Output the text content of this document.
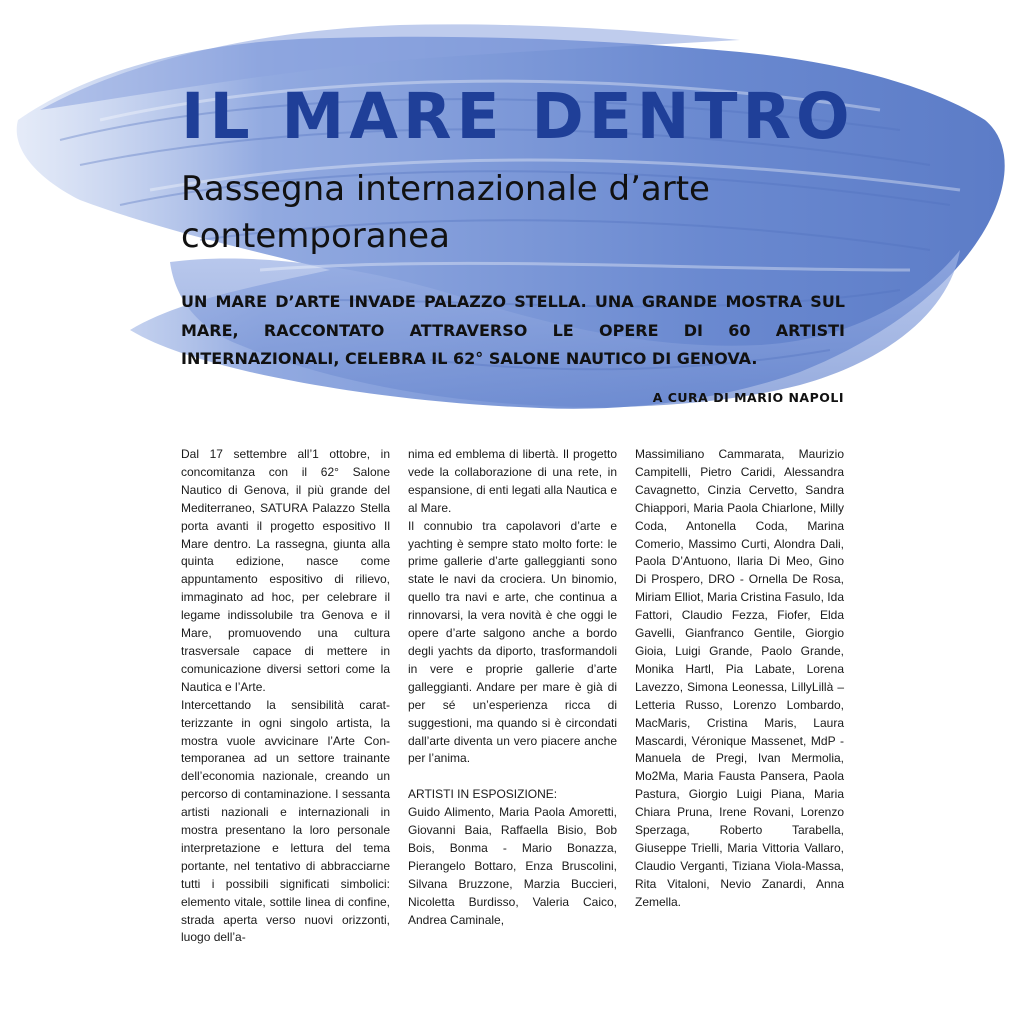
IL MARE DENTRO
Rassegna internazionale d’arte contemporanea

UN MARE D’ARTE INVADE PALAZZO STELLA. UNA GRANDE MOSTRA SUL MARE, RACCONTATO ATTRAVERSO LE OPERE DI 60 ARTISTI INTERNAZIONALI, CELEBRA IL 62° SALONE NAUTICO DI GENOVA.

A CURA DI MARIO NAPOLI

Dal 17 settembre all’1 ottobre, in concomitanza con il 62° Salone Nautico di Genova, il più grande del Mediterraneo, SATURA Palazzo Stella porta avanti il progetto espositivo Il Mare dentro. La rassegna, giunta alla quinta edizione, nasce come appuntamento espositivo di rilievo, immaginato ad hoc, per celebrare il legame indissolubile tra Genova e il Mare, promuovendo una cultura trasversale capace di mettere in comunicazione diversi settori come la Nautica e l’Arte.

Intercettando la sensibilità caratterizzante in ogni singolo artista, la mostra vuole avvicinare l’Arte Contemporanea ad un settore trainante dell’economia nazionale, creando un percorso di contaminazione. I sessanta artisti nazionali e internazionali in mostra presentano la loro personale interpretazione e lettura del tema portante, nel tentativo di abbracciarne tutti i possibili significati simbolici: elemento vitale, sottile linea di confine, strada aperta verso nuovi orizzonti, luogo dell’a-

nima ed emblema di libertà. Il progetto vede la collaborazione di una rete, in espansione, di enti legati alla Nautica e al Mare.

Il connubio tra capolavori d’arte e yachting è sempre stato molto forte: le prime gallerie d’arte galleggianti sono state le navi da crociera. Un binomio, quello tra navi e arte, che continua a rinnovarsi, la vera novità è che oggi le opere d’arte salgono anche a bordo degli yachts da diporto, trasformandoli in vere e proprie gallerie d’arte galleggianti. Andare per mare è già di per sé un’esperienza ricca di suggestioni, ma quando si è circondati dall’arte diventa un vero piacere anche per l’anima.

ARTISTI IN ESPOSIZIONE:

Guido Alimento, Maria Paola Amoretti, Giovanni Baia, Raffaella Bisio, Bob Bois, Bonma - Mario Bonazza, Pierangelo Bottaro, Enza Bruscolini, Silvana Bruzzone, Marzia Buccieri, Nicoletta Burdisso, Valeria Caico, Andrea Caminale,

Massimiliano Cammarata, Maurizio Campitelli, Pietro Caridi, Alessandra Cavagnetto, Cinzia Cervetto, Sandra Chiappori, Maria Paola Chiarlone, Milly Coda, Antonella Coda, Marina Comerio, Massimo Curti, Alondra Dali, Paola D’Antuono, Ilaria Di Meo, Gino Di Prospero, DRO - Ornella De Rosa, Miriam Elliot, Maria Cristina Fasulo, Ida Fattori, Claudio Fezza, Fiofer, Elda Gavelli, Gianfranco Gentile, Giorgio Gioia, Luigi Grande, Paolo Grande, Monika Hartl, Pia Labate, Lorena Lavezzo, Simona Leonessa, LillyLillà – Letteria Russo, Lorenzo Lombardo, MacMaris, Cristina Maris, Laura Mascardi, Véronique Massenet, MdP - Manuela de Pregi, Ivan Mermolia, Mo2Ma, Maria Fausta Pansera, Paola Pastura, Giorgio Luigi Piana, Maria Chiara Pruna, Irene Rovani, Lorenzo Sperzaga, Roberto Tarabella, Giuseppe Trielli, Maria Vittoria Vallaro, Claudio Verganti, Tiziana Viola-Massa, Rita Vitaloni, Nevio Zanardi, Anna Zemella.
